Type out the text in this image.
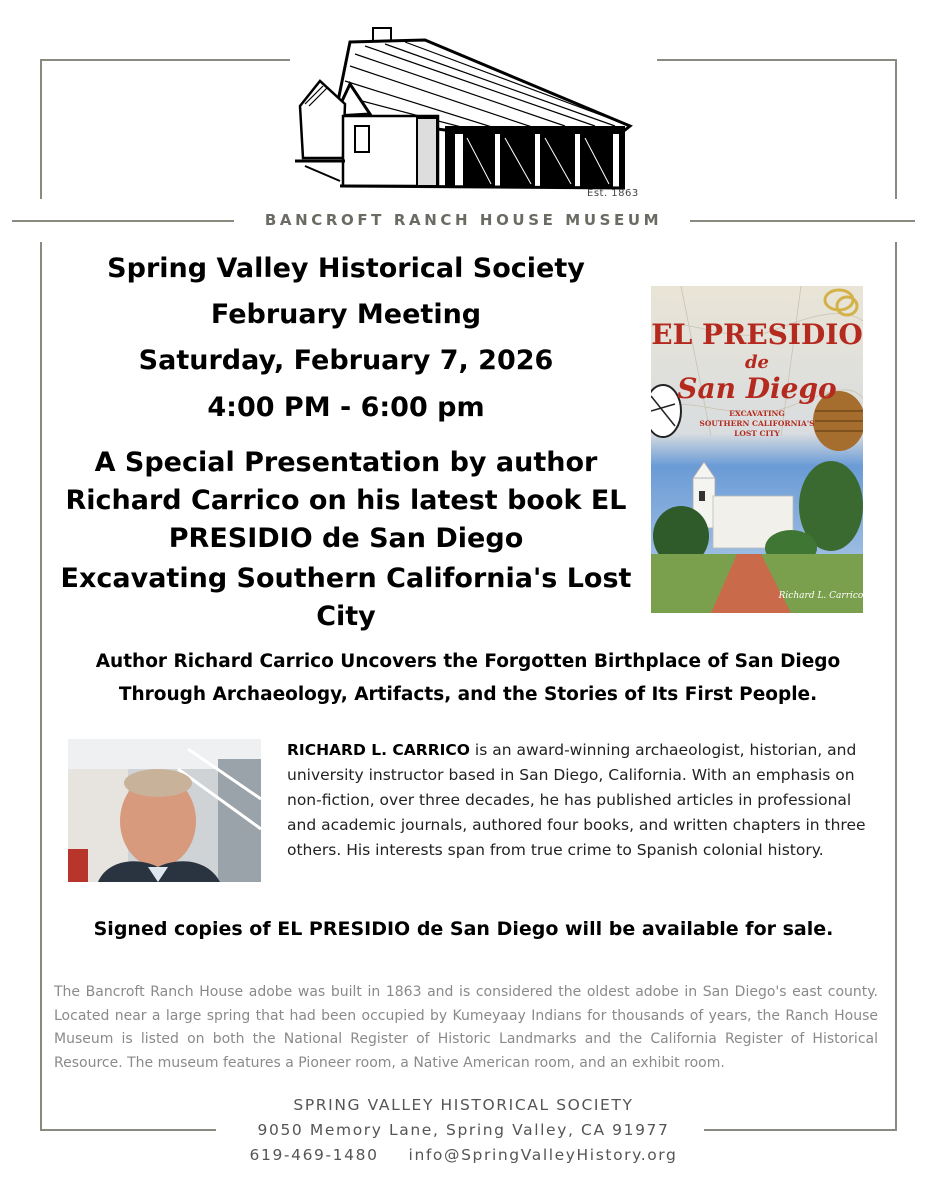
Est. 1863
BANCROFT RANCH HOUSE MUSEUM
Spring Valley Historical Society
February Meeting
Saturday, February 7, 2026
4:00 PM - 6:00 pm
A Special Presentation by author
Richard Carrico on his latest book EL
PRESIDIO de San Diego
Excavating Southern California's Lost
City
EL PRESIDIO
de
San Diego
EXCAVATING
SOUTHERN CALIFORNIA'S
LOST CITY
Richard L. Carrico
Author Richard Carrico Uncovers the Forgotten Birthplace of San Diego
Through Archaeology, Artifacts, and the Stories of Its First People.
RICHARD L. CARRICO is an award-winning archaeologist, historian, and university instructor based in San Diego, California. With an emphasis on non-fiction, over three decades, he has published articles in professional and academic journals, authored four books, and written chapters in three others. His interests span from true crime to Spanish colonial history.
Signed copies of EL PRESIDIO de San Diego will be available for sale.
The Bancroft Ranch House adobe was built in 1863 and is considered the oldest adobe in San Diego's east county. Located near a large spring that had been occupied by Kumeyaay Indians for thousands of years, the Ranch House Museum is listed on both the National Register of Historic Landmarks and the California Register of Historical Resource. The museum features a Pioneer room, a Native American room, and an exhibit room.
SPRING VALLEY HISTORICAL SOCIETY
9050 Memory Lane, Spring Valley, CA 91977
619-469-1480 info@SpringValleyHistory.org
